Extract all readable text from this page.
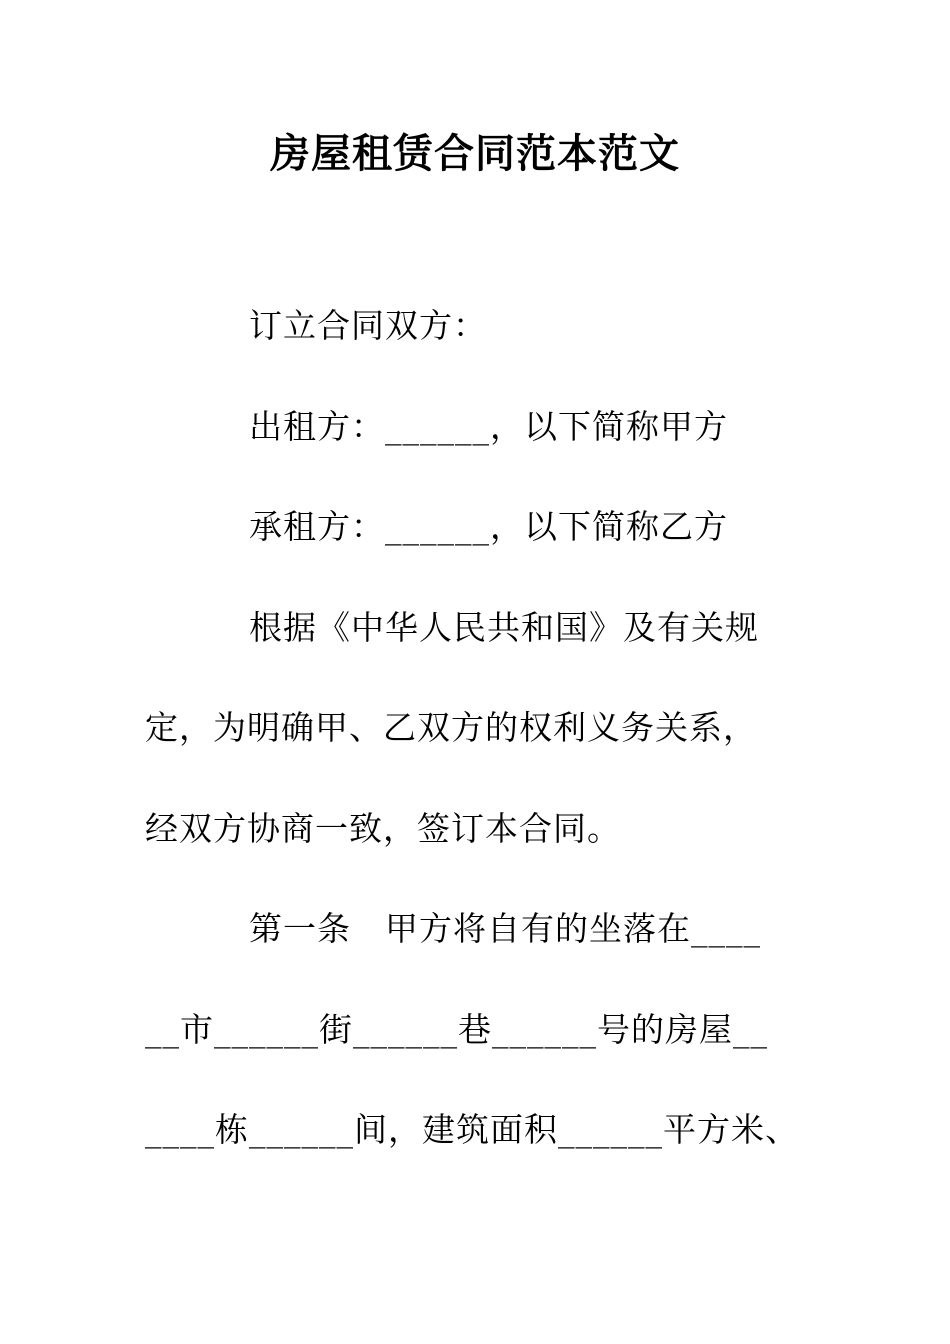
房屋租赁合同范本范文
订立合同双方：
出租方：______，以下简称甲方
承租方：______，以下简称乙方
根据《中华人民共和国》及有关规
定，为明确甲、乙双方的权利义务关系，
经双方协商一致，签订本合同。
第一条　甲方将自有的坐落在____
__市______街______巷______号的房屋__
____栋______间，建筑面积______平方米、
